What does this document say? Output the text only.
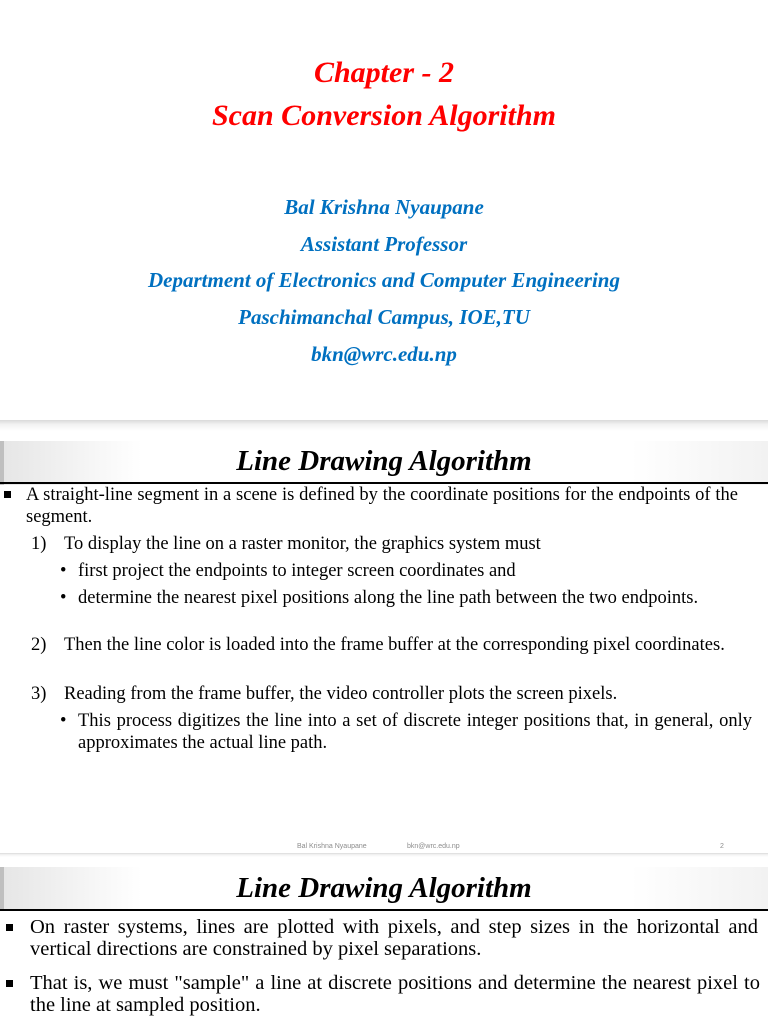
Chapter - 2
Scan Conversion Algorithm
Bal Krishna Nyaupane
Assistant Professor
Department of Electronics and Computer Engineering
Paschimanchal Campus, IOE,TU
bkn@wrc.edu.np
Line Drawing Algorithm

A straight-line segment in a scene is defined by the coordinate positions for the endpoints of the segment.

1) To display the line on a raster monitor, the graphics system must

• first project the endpoints to integer screen coordinates and

• determine the nearest pixel positions along the line path between the two endpoints.

2) Then the line color is loaded into the frame buffer at the corresponding pixel coordinates.

3) Reading from the frame buffer, the video controller plots the screen pixels.

• This process digitizes the line into a set of discrete integer positions that, in general, only approximates the actual line path.

Bal Krishna Nyaupane	bkn@wrc.edu.np	2
Line Drawing Algorithm

On raster systems, lines are plotted with pixels, and step sizes in the horizontal and vertical directions are constrained by pixel separations.

That is, we must "sample" a line at discrete positions and determine the nearest pixel to the line at sampled position.
